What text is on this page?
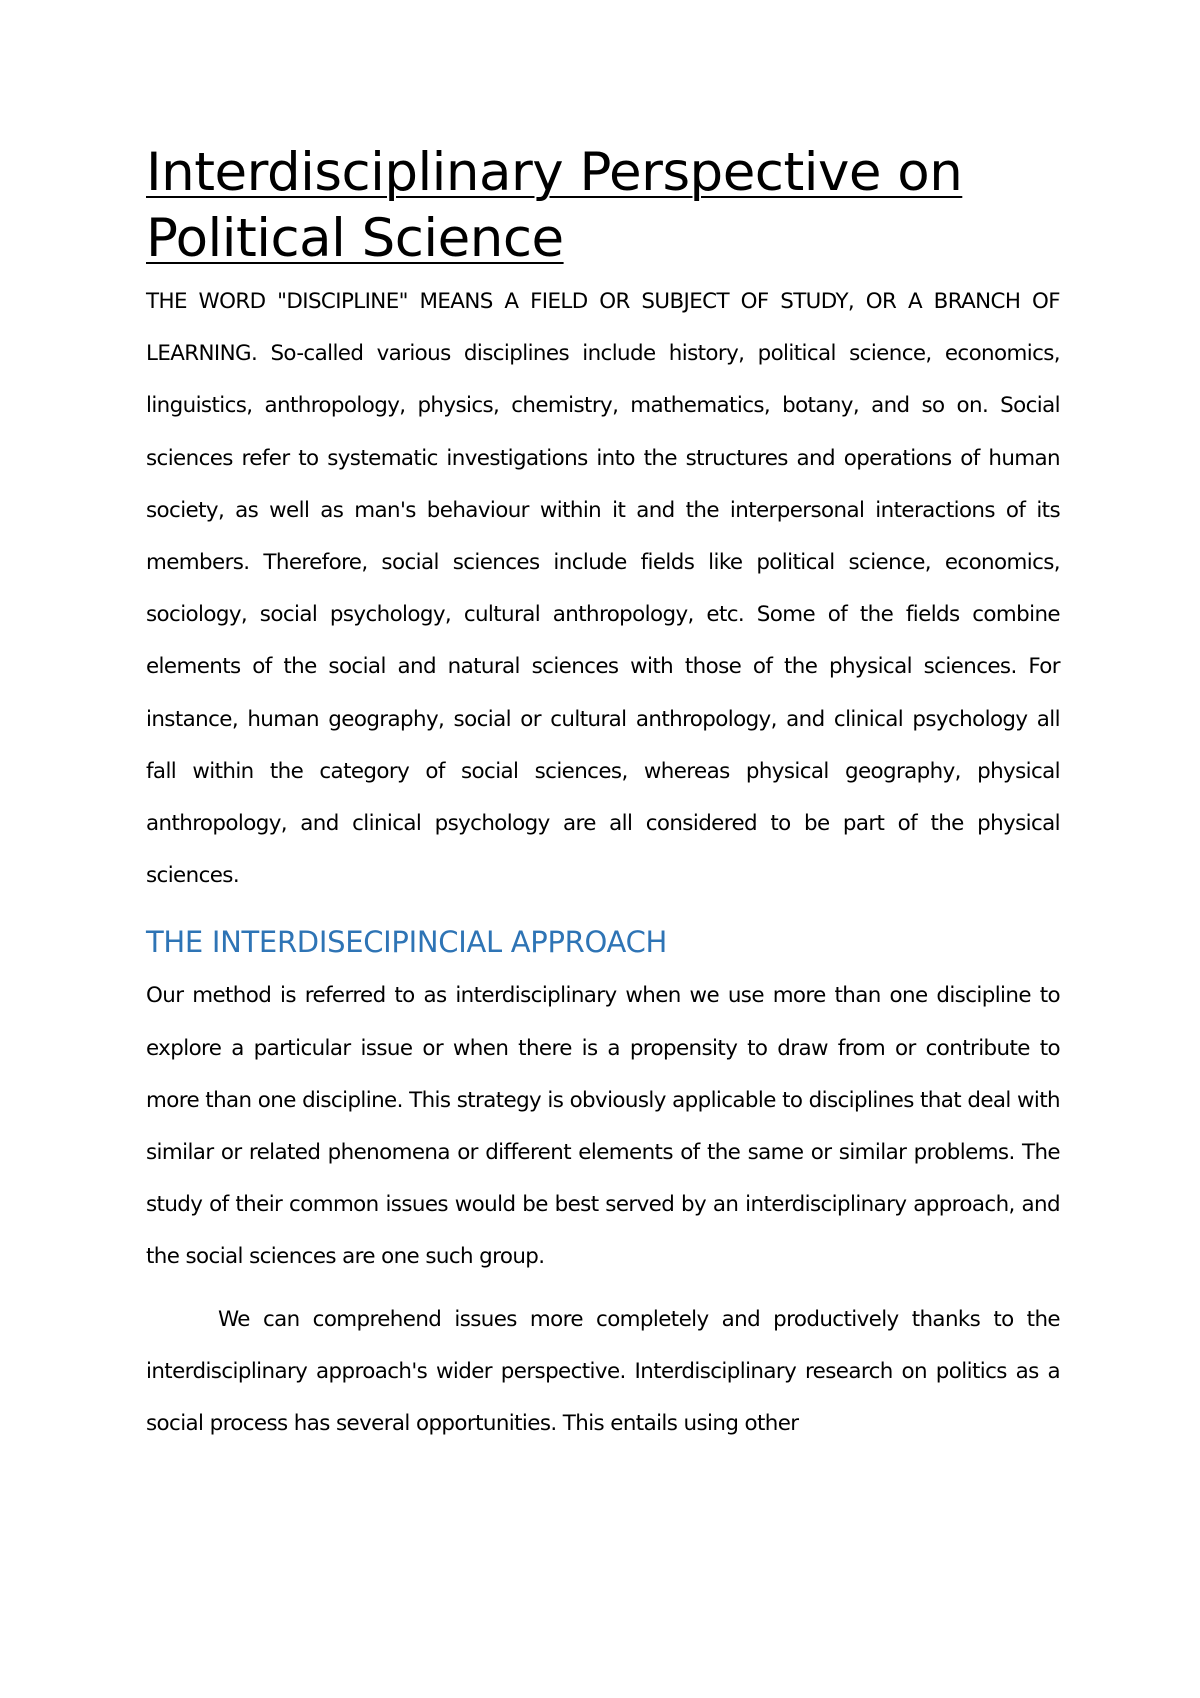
Interdisciplinary Perspective on Political Science

THE WORD "DISCIPLINE" MEANS A FIELD OR SUBJECT OF STUDY, OR A BRANCH OF LEARNING. So-called various disciplines include history, political science, economics, linguistics, anthropology, physics, chemistry, mathematics, botany, and so on. Social sciences refer to systematic investigations into the structures and operations of human society, as well as man's behaviour within it and the interpersonal interactions of its members. Therefore, social sciences include fields like political science, economics, sociology, social psychology, cultural anthropology, etc. Some of the fields combine elements of the social and natural sciences with those of the physical sciences. For instance, human geography, social or cultural anthropology, and clinical psychology all fall within the category of social sciences, whereas physical geography, physical anthropology, and clinical psychology are all considered to be part of the physical sciences.

THE INTERDISECIPINCIAL APPROACH

Our method is referred to as interdisciplinary when we use more than one discipline to explore a particular issue or when there is a propensity to draw from or contribute to more than one discipline. This strategy is obviously applicable to disciplines that deal with similar or related phenomena or different elements of the same or similar problems. The study of their common issues would be best served by an interdisciplinary approach, and the social sciences are one such group.

We can comprehend issues more completely and productively thanks to the interdisciplinary approach's wider perspective. Interdisciplinary research on politics as a social process has several opportunities. This entails using other
